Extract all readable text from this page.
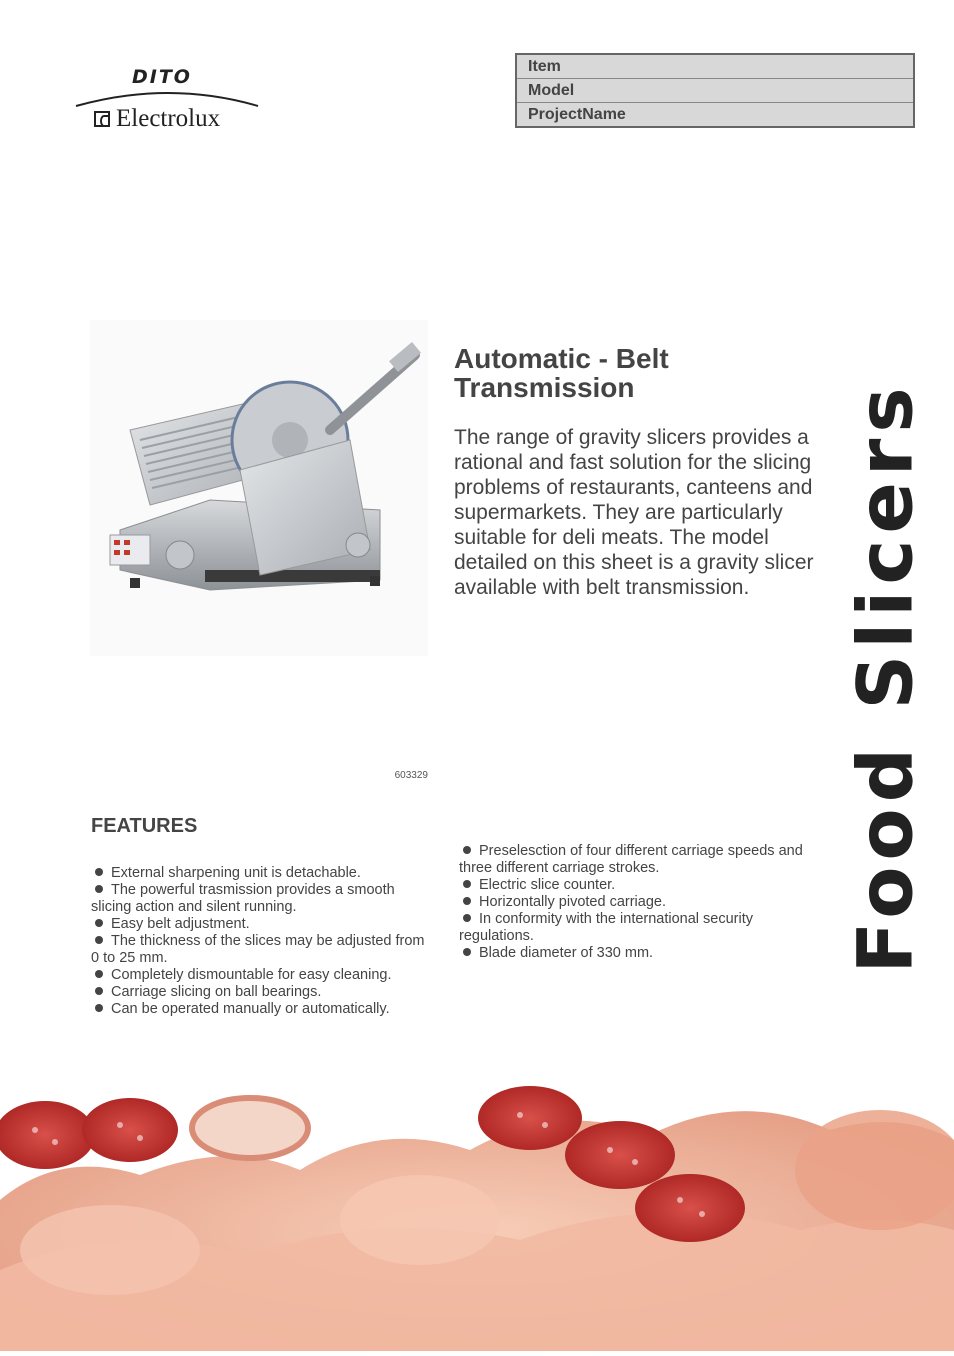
DITO
Electrolux
Item
Model
ProjectName
603329
Automatic - Belt Transmission

The range of gravity slicers provides a rational and fast solution for the slicing problems of restaurants, canteens and supermarkets. They are particularly suitable for deli meats. The model detailed on this sheet is a gravity slicer available with belt transmission.

FEATURES

External sharpening unit is detachable.

The powerful trasmission provides a smooth slicing action and silent running.

Easy belt adjustment.

The thickness of the slices may be adjusted from 0 to 25 mm.

Completely dismountable for easy cleaning.

Carriage slicing on ball bearings.

Can be operated manually or automatically.

Preselesction of four different carriage speeds and three different carriage strokes.

Electric slice counter.

Horizontally pivoted carriage.

In conformity with the international security regulations.

Blade diameter of 330 mm.	Food Slicers
